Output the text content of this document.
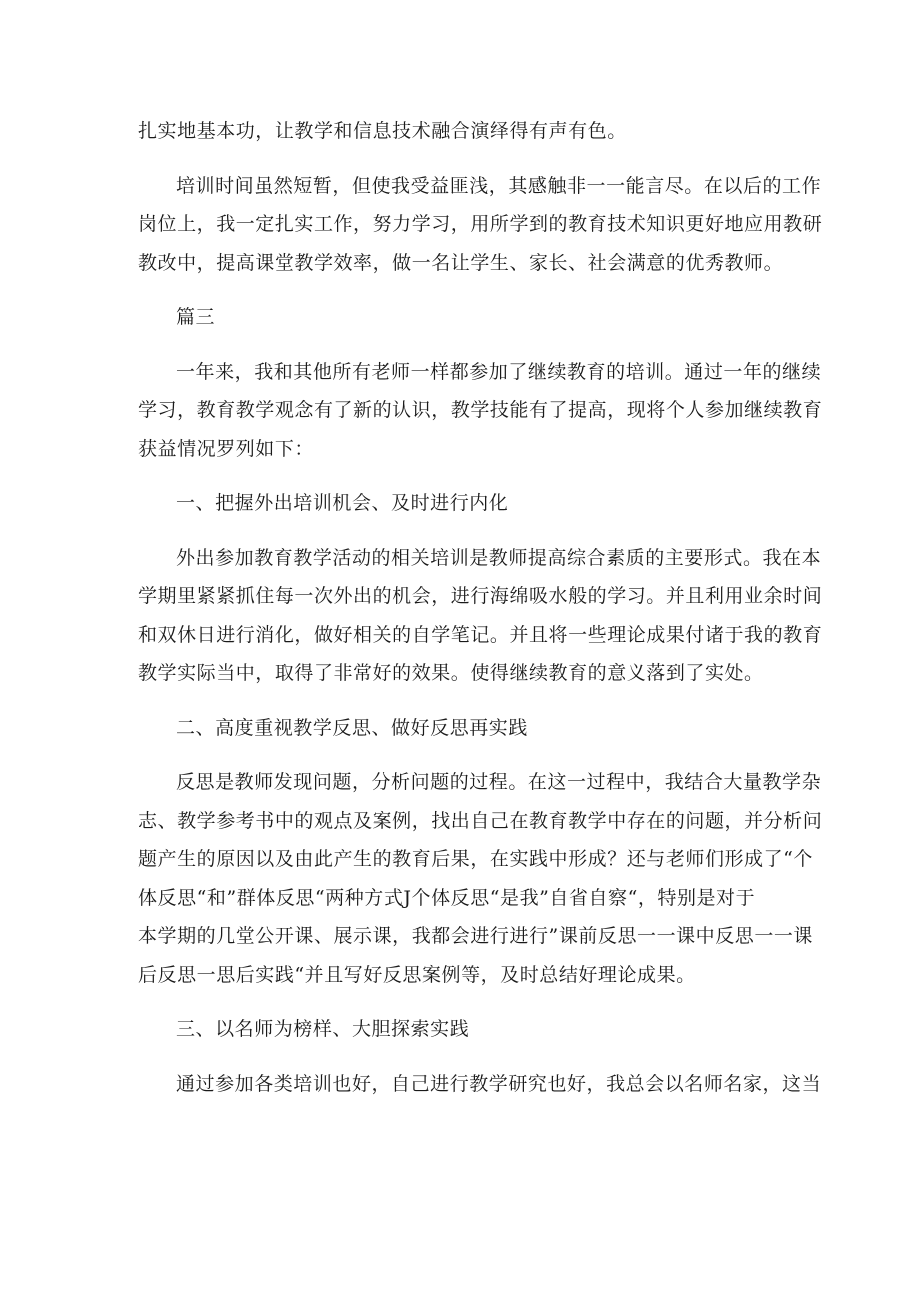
扎实地基本功，让教学和信息技术融合演绎得有声有色。

培训时间虽然短暂，但使我受益匪浅，其感触非一一能言尽。在以后的工作
岗位上，我一定扎实工作，努力学习，用所学到的教育技术知识更好地应用教研
教改中，提高课堂教学效率，做一名让学生、家长、社会满意的优秀教师。

篇三

一年来，我和其他所有老师一样都参加了继续教育的培训。通过一年的继续
学习，教育教学观念有了新的认识，教学技能有了提高，现将个人参加继续教育
获益情况罗列如下：

一、把握外出培训机会、及时进行内化

外出参加教育教学活动的相关培训是教师提高综合素质的主要形式。我在本
学期里紧紧抓住每一次外出的机会，进行海绵吸水般的学习。并且利用业余时间
和双休日进行消化，做好相关的自学笔记。并且将一些理论成果付诸于我的教育
教学实际当中，取得了非常好的效果。使得继续教育的意义落到了实处。

二、高度重视教学反思、做好反思再实践

反思是教师发现问题，分析问题的过程。在这一过程中，我结合大量教学杂
志、教学参考书中的观点及案例，找出自己在教育教学中存在的问题，并分析问
题产生的原因以及由此产生的教育后果，在实践中形成？还与老师们形成了“个
体反思“和”群体反思“两种方式J个体反思“是我”自省自察“，特别是对于
本学期的几堂公开课、展示课，我都会进行进行”课前反思一一课中反思一一课
后反思一思后实践“并且写好反思案例等，及时总结好理论成果。

三、以名师为榜样、大胆探索实践

通过参加各类培训也好，自己进行教学研究也好，我总会以名师名家，这当
